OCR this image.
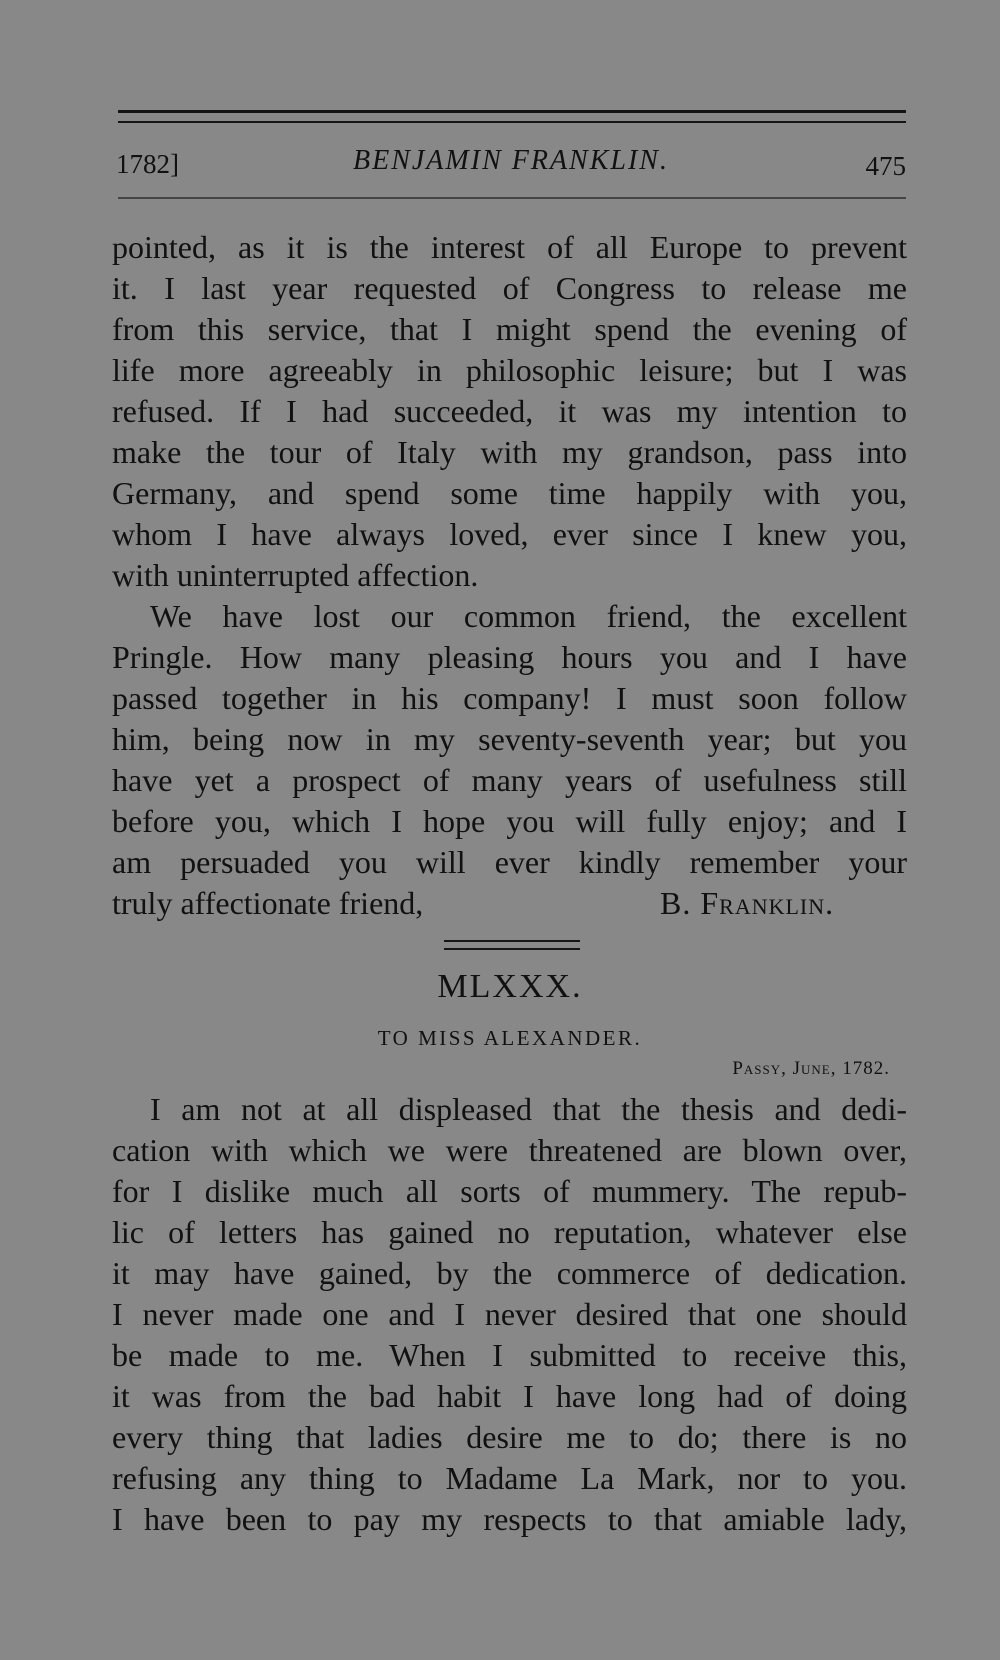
1782]	BENJAMIN FRANKLIN.	475
pointed, as it is the interest of all Europe to prevent
it. I last year requested of Congress to release me
from this service, that I might spend the evening of
life more agreeably in philosophic leisure; but I was
refused. If I had succeeded, it was my intention to
make the tour of Italy with my grandson, pass into
Germany, and spend some time happily with you,
whom I have always loved, ever since I knew you,
with uninterrupted affection.
We have lost our common friend, the excellent
Pringle. How many pleasing hours you and I have
passed together in his company! I must soon follow
him, being now in my seventy-seventh year; but you
have yet a prospect of many years of usefulness still
before you, which I hope you will fully enjoy; and I
am persuaded you will ever kindly remember your
truly affectionate friend,	B. Franklin.
MLXXX.
TO MISS ALEXANDER.
Passy, June, 1782.
I am not at all displeased that the thesis and dedi-
cation with which we were threatened are blown over,
for I dislike much all sorts of mummery. The repub-
lic of letters has gained no reputation, whatever else
it may have gained, by the commerce of dedication.
I never made one and I never desired that one should
be made to me. When I submitted to receive this,
it was from the bad habit I have long had of doing
every thing that ladies desire me to do; there is no
refusing any thing to Madame La Mark, nor to you.
I have been to pay my respects to that amiable lady,
